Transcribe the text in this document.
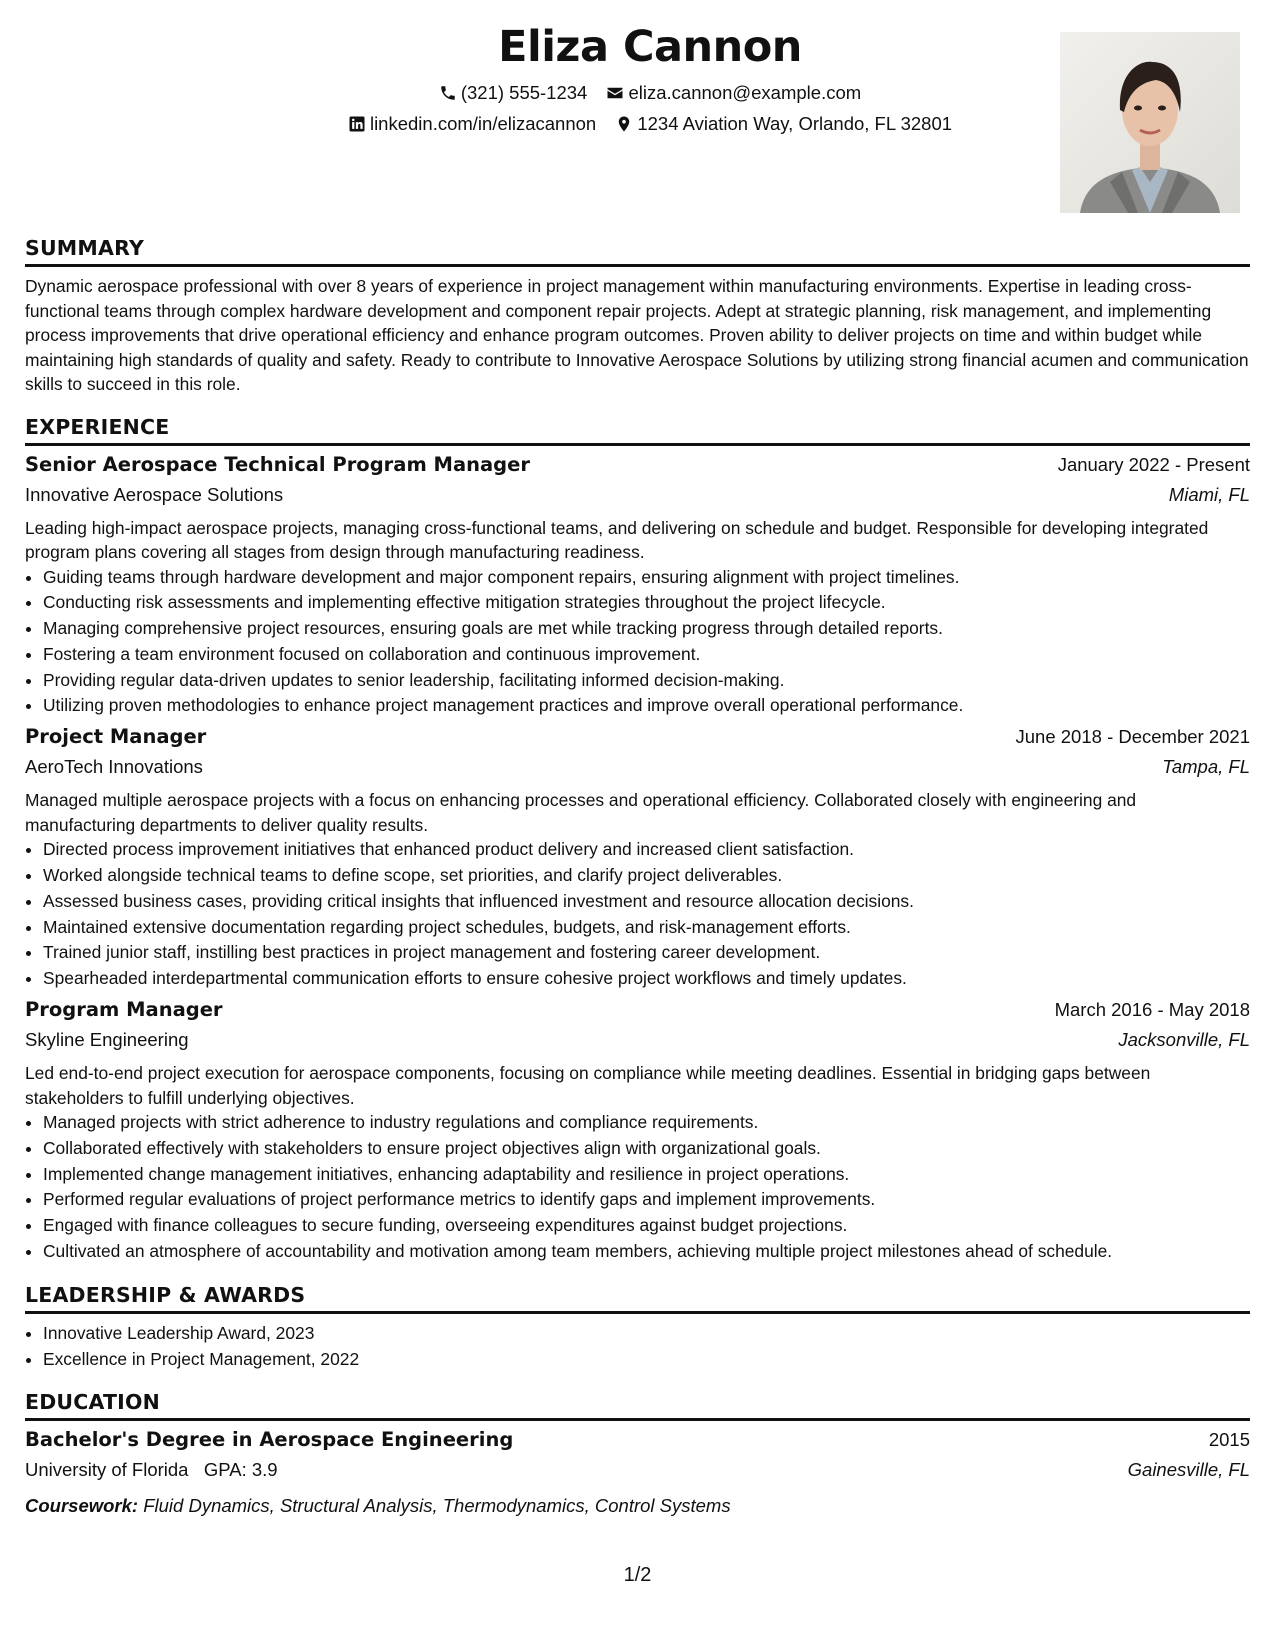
Eliza Cannon
(321) 555-1234
eliza.cannon@example.com
linkedin.com/in/elizacannon
1234 Aviation Way, Orlando, FL 32801
SUMMARY

Dynamic aerospace professional with over 8 years of experience in project management within manufacturing environments. Expertise in leading cross-functional teams through complex hardware development and component repair projects. Adept at strategic planning, risk management, and implementing process improvements that drive operational efficiency and enhance program outcomes. Proven ability to deliver projects on time and within budget while maintaining high standards of quality and safety. Ready to contribute to Innovative Aerospace Solutions by utilizing strong financial acumen and communication skills to succeed in this role.

EXPERIENCE
Senior Aerospace Technical Program Manager	January 2022 - Present
Innovative Aerospace Solutions	Miami, FL

Leading high-impact aerospace projects, managing cross-functional teams, and delivering on schedule and budget. Responsible for developing integrated program plans covering all stages from design through manufacturing readiness.

• Guiding teams through hardware development and major component repairs, ensuring alignment with project timelines.
• Conducting risk assessments and implementing effective mitigation strategies throughout the project lifecycle.
• Managing comprehensive project resources, ensuring goals are met while tracking progress through detailed reports.
• Fostering a team environment focused on collaboration and continuous improvement.
• Providing regular data-driven updates to senior leadership, facilitating informed decision-making.
• Utilizing proven methodologies to enhance project management practices and improve overall operational performance.
Project Manager	June 2018 - December 2021
AeroTech Innovations	Tampa, FL

Managed multiple aerospace projects with a focus on enhancing processes and operational efficiency. Collaborated closely with engineering and manufacturing departments to deliver quality results.

• Directed process improvement initiatives that enhanced product delivery and increased client satisfaction.
• Worked alongside technical teams to define scope, set priorities, and clarify project deliverables.
• Assessed business cases, providing critical insights that influenced investment and resource allocation decisions.
• Maintained extensive documentation regarding project schedules, budgets, and risk-management efforts.
• Trained junior staff, instilling best practices in project management and fostering career development.
• Spearheaded interdepartmental communication efforts to ensure cohesive project workflows and timely updates.
Program Manager	March 2016 - May 2018
Skyline Engineering	Jacksonville, FL

Led end-to-end project execution for aerospace components, focusing on compliance while meeting deadlines. Essential in bridging gaps between stakeholders to fulfill underlying objectives.

• Managed projects with strict adherence to industry regulations and compliance requirements.
• Collaborated effectively with stakeholders to ensure project objectives align with organizational goals.
• Implemented change management initiatives, enhancing adaptability and resilience in project operations.
• Performed regular evaluations of project performance metrics to identify gaps and implement improvements.
• Engaged with finance colleagues to secure funding, overseeing expenditures against budget projections.
• Cultivated an atmosphere of accountability and motivation among team members, achieving multiple project milestones ahead of schedule.
LEADERSHIP & AWARDS
• Innovative Leadership Award, 2023
• Excellence in Project Management, 2022
EDUCATION
Bachelor's Degree in Aerospace Engineering	2015
University of Florida GPA: 3.9	Gainesville, FL
Coursework: Fluid Dynamics, Structural Analysis, Thermodynamics, Control Systems
1/2
